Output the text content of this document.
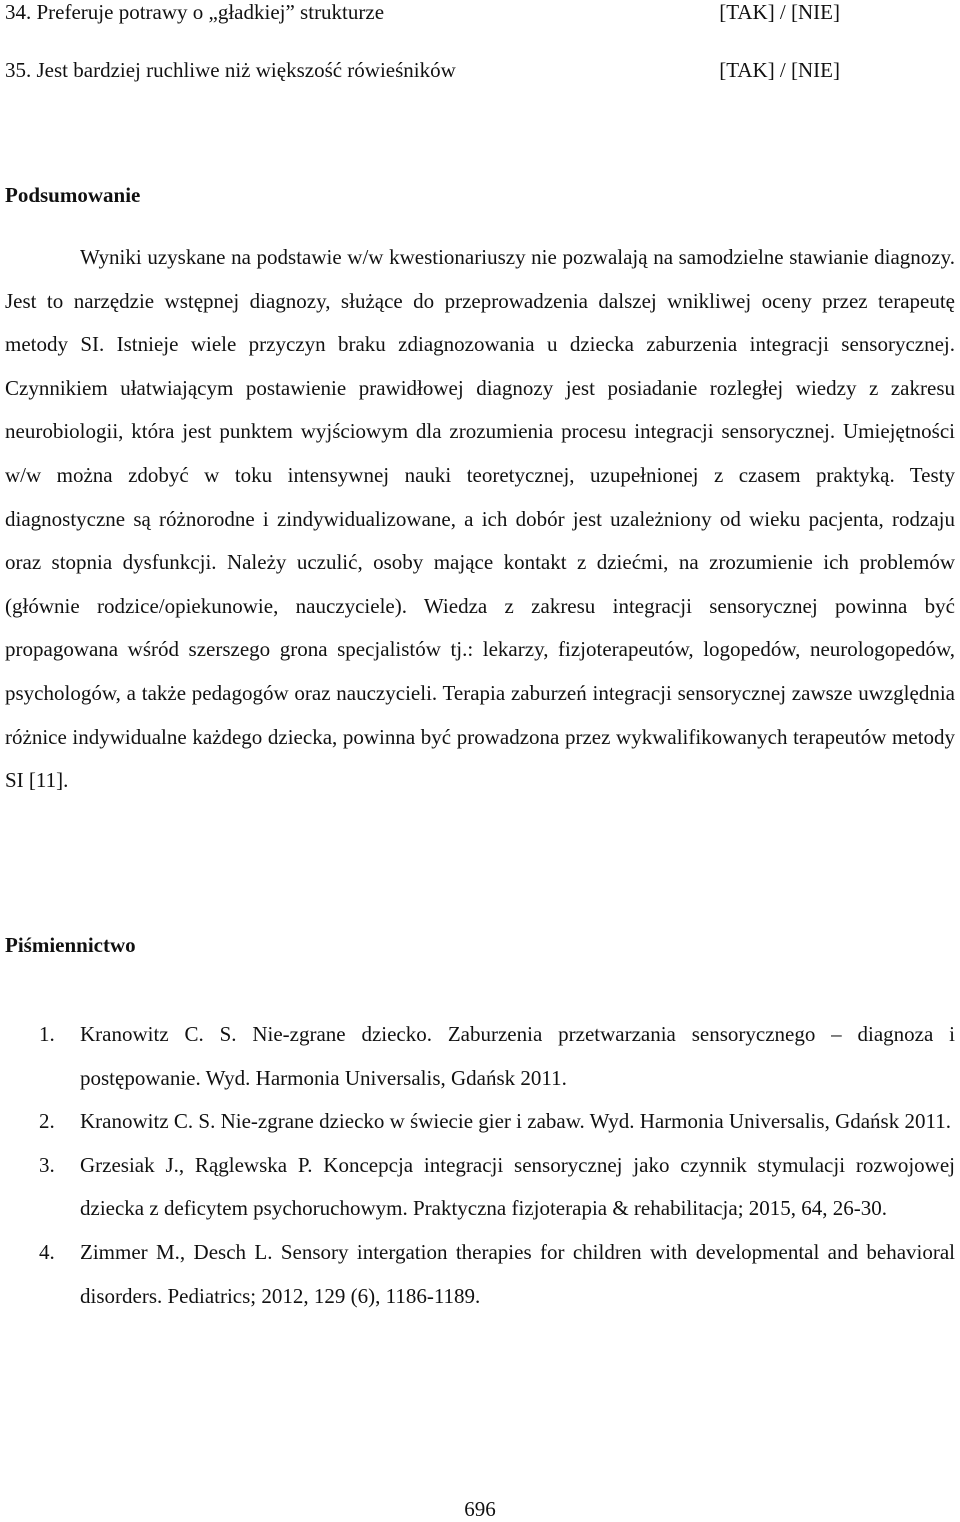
34. Preferuje potrawy o „gładkiej” strukturze	[TAK] / [NIE]
35. Jest bardziej ruchliwe niż większość rówieśników	[TAK] / [NIE]
Podsumowanie
Wyniki uzyskane na podstawie w/w kwestionariuszy nie pozwalają na samodzielne stawianie diagnozy. Jest to narzędzie wstępnej diagnozy, służące do przeprowadzenia dalszej wnikliwej oceny przez terapeutę metody SI. Istnieje wiele przyczyn braku zdiagnozowania u dziecka zaburzenia integracji sensorycznej. Czynnikiem ułatwiającym postawienie prawidłowej diagnozy jest posiadanie rozległej wiedzy z zakresu neurobiologii, która jest punktem wyjściowym dla zrozumienia procesu integracji sensorycznej. Umiejętności w/w można zdobyć w toku intensywnej nauki teoretycznej, uzupełnionej z czasem praktyką. Testy diagnostyczne są różnorodne i zindywidualizowane, a ich dobór jest uzależniony od wieku pacjenta, rodzaju oraz stopnia dysfunkcji. Należy uczulić, osoby mające kontakt z dziećmi, na zrozumienie ich problemów (głównie rodzice/opiekunowie, nauczyciele). Wiedza z zakresu integracji sensorycznej powinna być propagowana wśród szerszego grona specjalistów tj.: lekarzy, fizjoterapeutów, logopedów, neurologopedów, psychologów, a także pedagogów oraz nauczycieli. Terapia zaburzeń integracji sensorycznej zawsze uwzględnia różnice indywidualne każdego dziecka, powinna być prowadzona przez wykwalifikowanych terapeutów metody SI [11].
Piśmiennictwo
1. Kranowitz C. S. Nie-zgrane dziecko. Zaburzenia przetwarzania sensorycznego – diagnoza i postępowanie. Wyd. Harmonia Universalis, Gdańsk 2011.
2. Kranowitz C. S. Nie-zgrane dziecko w świecie gier i zabaw. Wyd. Harmonia Universalis, Gdańsk 2011.
3. Grzesiak J., Rąglewska P. Koncepcja integracji sensorycznej jako czynnik stymulacji rozwojowej dziecka z deficytem psychoruchowym. Praktyczna fizjoterapia & rehabilitacja; 2015, 64, 26-30.
4. Zimmer M., Desch L. Sensory intergation therapies for children with developmental and behavioral disorders. Pediatrics; 2012, 129 (6), 1186-1189.
696
